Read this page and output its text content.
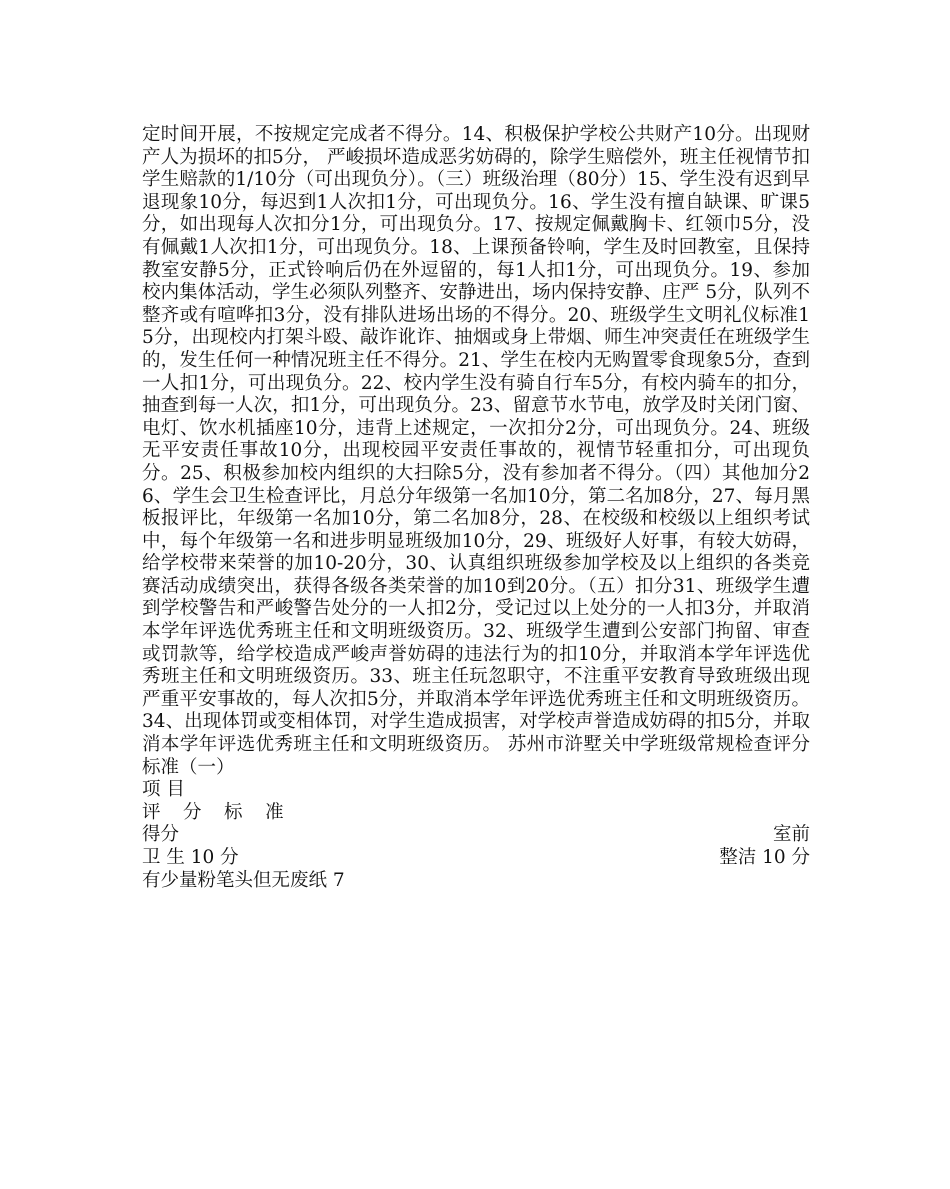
定时间开展，不按规定完成者不得分。14、积极保护学校公共财产10分。出现财产人为损坏的扣5分， 严峻损坏造成恶劣妨碍的，除学生赔偿外，班主任视情节扣学生赔款的1/10分（可出现负分）。（三）班级治理（80分）15、学生没有迟到早退现象10分，每迟到1人次扣1分，可出现负分。16、学生没有擅自缺课、旷课5分，如出现每人次扣分1分，可出现负分。17、按规定佩戴胸卡、红领巾5分，没有佩戴1人次扣1分，可出现负分。18、上课预备铃响，学生及时回教室，且保持教室安静5分，正式铃响后仍在外逗留的，每1人扣1分，可出现负分。19、参加校内集体活动，学生必须队列整齐、安静进出，场内保持安静、庄严 5分，队列不整齐或有喧哗扣3分，没有排队进场出场的不得分。20、班级学生文明礼仪标准15分，出现校内打架斗殴、敲诈讹诈、抽烟或身上带烟、师生冲突责任在班级学生的，发生任何一种情况班主任不得分。21、学生在校内无购置零食现象5分，查到一人扣1分，可出现负分。22、校内学生没有骑自行车5分，有校内骑车的扣分，抽查到每一人次，扣1分，可出现负分。23、留意节水节电，放学及时关闭门窗、电灯、饮水机插座10分，违背上述规定，一次扣分2分，可出现负分。24、班级无平安责任事故10分，出现校园平安责任事故的，视情节轻重扣分，可出现负分。25、积极参加校内组织的大扫除5分，没有参加者不得分。（四）其他加分26、学生会卫生检查评比，月总分年级第一名加10分，第二名加8分，27、每月黑板报评比，年级第一名加10分，第二名加8分，28、在校级和校级以上组织考试中，每个年级第一名和进步明显班级加10分，29、班级好人好事，有较大妨碍，给学校带来荣誉的加10-20分，30、认真组织班级参加学校及以上组织的各类竞赛活动成绩突出，获得各级各类荣誉的加10到20分。（五）扣分31、班级学生遭到学校警告和严峻警告处分的一人扣2分，受记过以上处分的一人扣3分，并取消本学年评选优秀班主任和文明班级资历。32、班级学生遭到公安部门拘留、审查或罚款等，给学校造成严峻声誉妨碍的违法行为的扣10分，并取消本学年评选优秀班主任和文明班级资历。33、班主任玩忽职守，不注重平安教育导致班级出现严重平安事故的，每人次扣5分，并取消本学年评选优秀班主任和文明班级资历。34、出现体罚或变相体罚，对学生造成损害，对学校声誉造成妨碍的扣5分，并取消本学年评选优秀班主任和文明班级资历。 苏州市浒墅关中学班级常规检查评分标准（一）

项 目
评 分 标 准
得分	室前
卫 生 10 分	整洁 10 分
有少量粉笔头但无废纸 7
